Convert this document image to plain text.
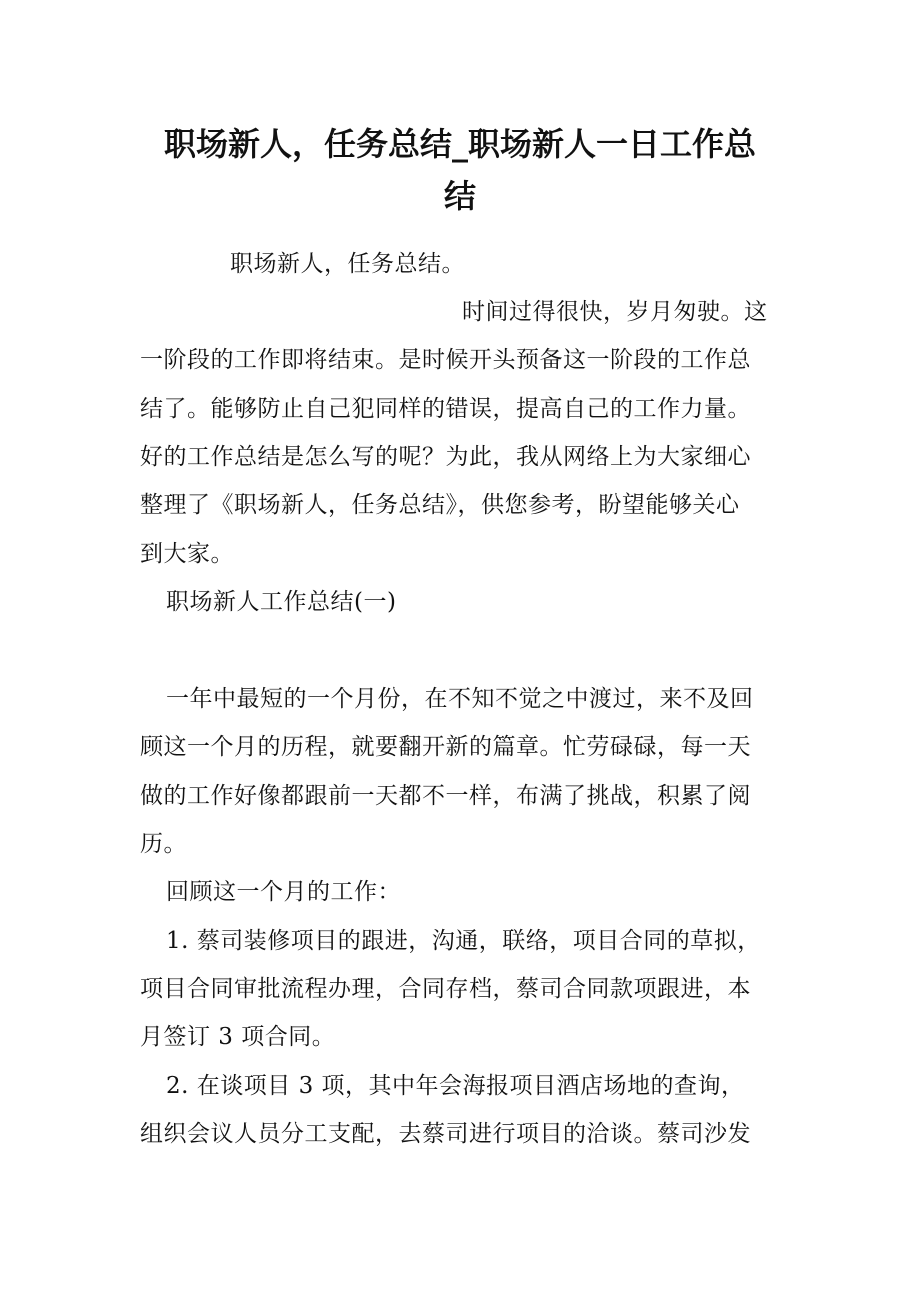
职场新人，任务总结_职场新人一日工作总
结

职场新人，任务总结。

时间过得很快，岁月匆驶。这

一阶段的工作即将结束。是时候开头预备这一阶段的工作总

结了。能够防止自己犯同样的错误，提高自己的工作力量。

好的工作总结是怎么写的呢？为此，我从网络上为大家细心

整理了《职场新人，任务总结》，供您参考，盼望能够关心

到大家。

职场新人工作总结(一)

一年中最短的一个月份，在不知不觉之中渡过，来不及回

顾这一个月的历程，就要翻开新的篇章。忙劳碌碌，每一天

做的工作好像都跟前一天都不一样，布满了挑战，积累了阅

历。

回顾这一个月的工作：

1. 蔡司装修项目的跟进，沟通，联络，项目合同的草拟，

项目合同审批流程办理，合同存档，蔡司合同款项跟进，本

月签订 3 项合同。

2. 在谈项目 3 项，其中年会海报项目酒店场地的查询，

组织会议人员分工支配，去蔡司进行项目的洽谈。蔡司沙发
